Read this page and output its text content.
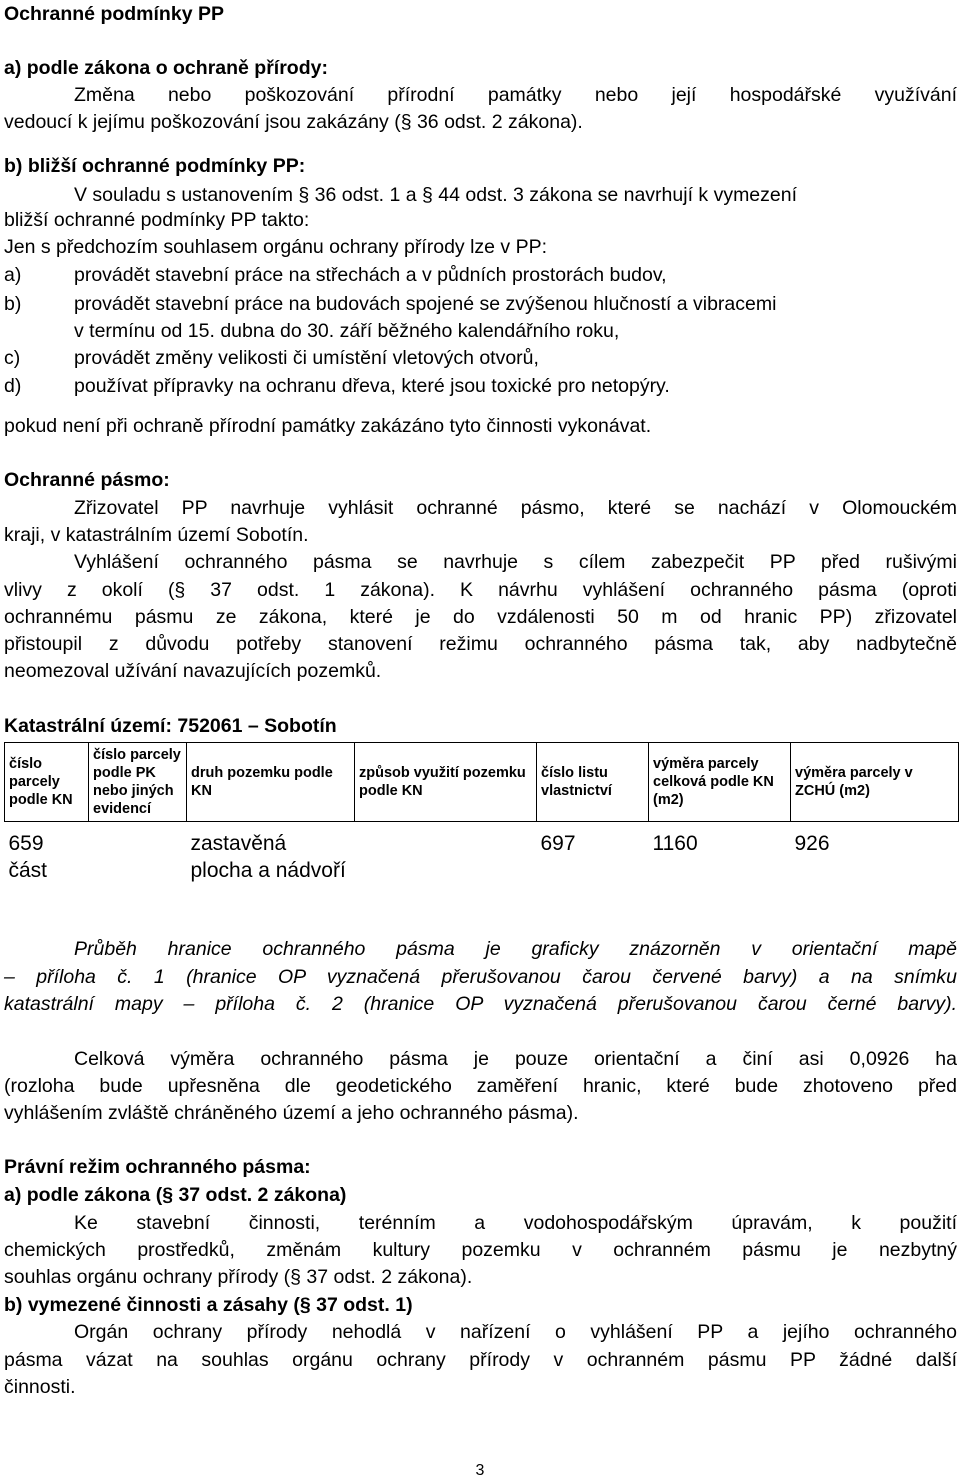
Ochranné podmínky PP
a) podle zákona o ochraně přírody:
Změna nebo poškozování přírodní památky nebo její hospodářské využívání
vedoucí k jejímu poškozování jsou zakázány (§ 36 odst. 2 zákona).
b) bližší ochranné podmínky PP:
V souladu s ustanovením § 36 odst. 1 a § 44 odst. 3 zákona se navrhují k vymezení
bližší ochranné podmínky PP takto:
Jen s předchozím souhlasem orgánu ochrany přírody lze v PP:
a)	provádět stavební práce na střechách a v půdních prostorách budov,
b)	provádět stavební práce na budovách spojené se zvýšenou hlučností a vibracemi
v termínu od 15. dubna do 30. září běžného kalendářního roku,
c)	provádět změny velikosti či umístění vletových otvorů,
d)	používat přípravky na ochranu dřeva, které jsou toxické pro netopýry.
pokud není při ochraně přírodní památky zakázáno tyto činnosti vykonávat.
Ochranné pásmo:
Zřizovatel PP navrhuje vyhlásit ochranné pásmo, které se nachází v Olomouckém
kraji, v katastrálním území Sobotín.
Vyhlášení ochranného pásma se navrhuje s cílem zabezpečit PP před rušivými
vlivy z okolí (§ 37 odst. 1 zákona). K návrhu vyhlášení ochranného pásma (oproti
ochrannému pásmu ze zákona, které je do vzdálenosti 50 m od hranic PP) zřizovatel
přistoupil z důvodu potřeby stanovení režimu ochranného pásma tak, aby nadbytečně
neomezoval užívání navazujících pozemků.
Katastrální území: 752061 – Sobotín
číslo parcely podle KN	číslo parcely podle PK nebo jiných evidencí	druh pozemku podle KN	způsob využití pozemku podle KN	číslo listu vlastnictví	výměra parcely celková podle KN (m2)	výměra parcely v ZCHÚ (m2)
659 část		zastavěná plocha a nádvoří		697	1160	926
Průběh hranice ochranného pásma je graficky znázorněn v orientační mapě
– příloha č. 1 (hranice OP vyznačená přerušovanou čarou červené barvy) a na snímku
katastrální mapy – příloha č. 2 (hranice OP vyznačená přerušovanou čarou černé barvy).
Celková výměra ochranného pásma je pouze orientační a činí asi 0,0926 ha
(rozloha bude upřesněna dle geodetického zaměření hranic, které bude zhotoveno před
vyhlášením zvláště chráněného území a jeho ochranného pásma).
Právní režim ochranného pásma:
a) podle zákona (§ 37 odst. 2 zákona)
Ke stavební činnosti, terénním a vodohospodářským úpravám, k použití
chemických prostředků, změnám kultury pozemku v ochranném pásmu je nezbytný
souhlas orgánu ochrany přírody (§ 37 odst. 2 zákona).
b) vymezené činnosti a zásahy (§ 37 odst. 1)
Orgán ochrany přírody nehodlá v nařízení o vyhlášení PP a jejího ochranného
pásma vázat na souhlas orgánu ochrany přírody v ochranném pásmu PP žádné další
činnosti.
3
